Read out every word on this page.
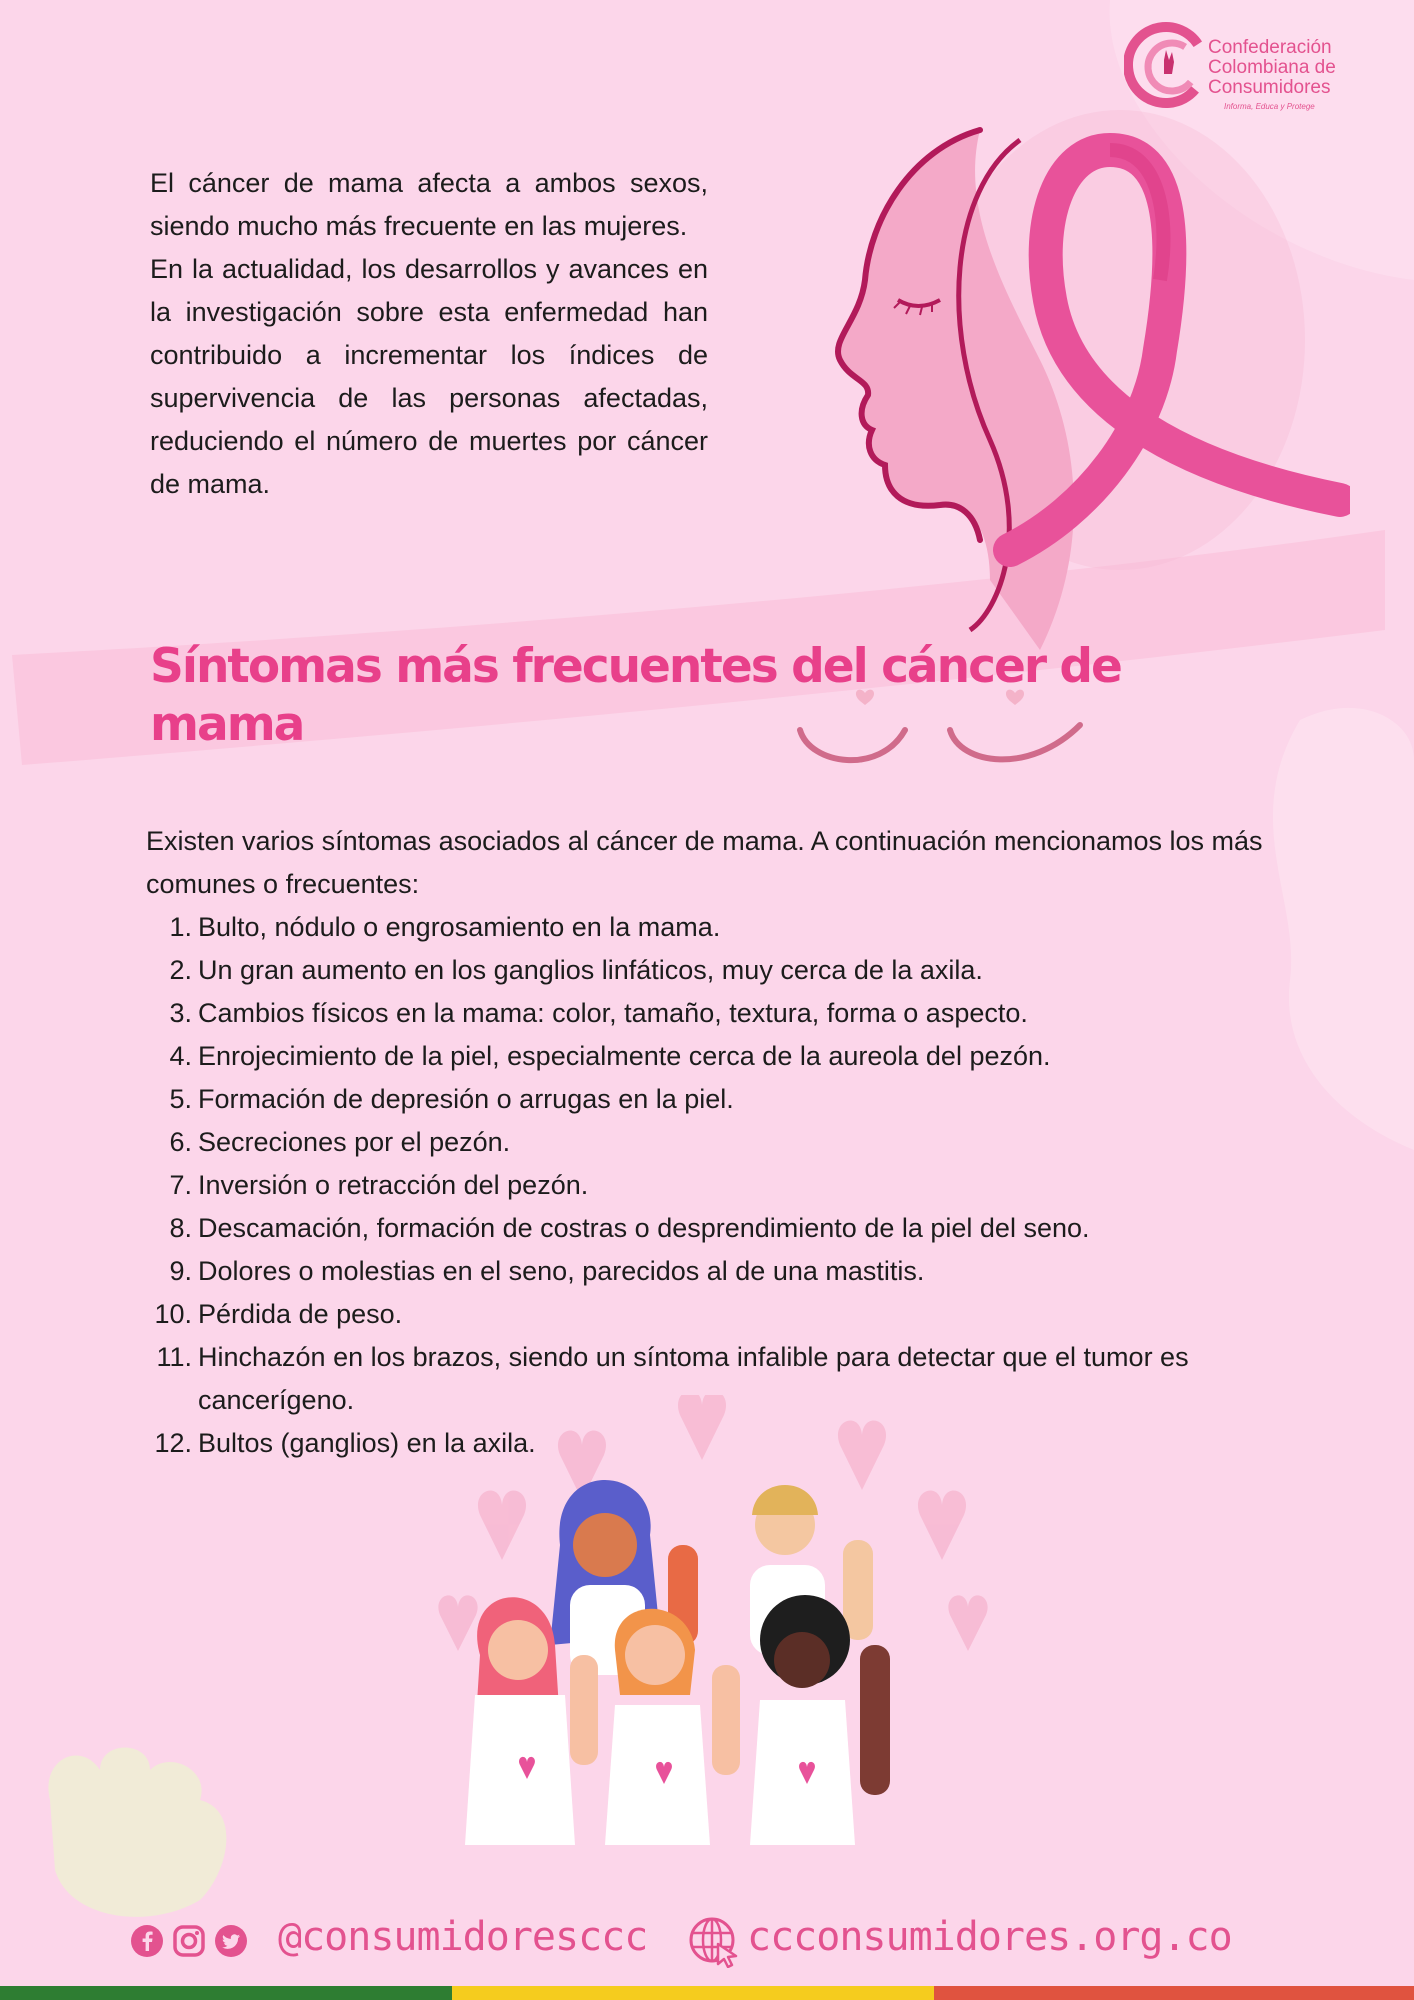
Confederación
Colombiana de
Consumidores
Informa, Educa y Protege

El cáncer de mama afecta a ambos sexos, siendo mucho más frecuente en las mujeres.

En la actualidad, los desarrollos y avances en la investigación sobre esta enfermedad han contribuido a incrementar los índices de supervivencia de las personas afectadas, reduciendo el número de muertes por cáncer de mama.

Síntomas más frecuentes del cáncer de mama

Existen varios síntomas asociados al cáncer de mama. A continuación mencionamos los más comunes o frecuentes:

1. Bulto, nódulo o engrosamiento en la mama.
2. Un gran aumento en los ganglios linfáticos, muy cerca de la axila.
3. Cambios físicos en la mama: color, tamaño, textura, forma o aspecto.
4. Enrojecimiento de la piel, especialmente cerca de la aureola del pezón.
5. Formación de depresión o arrugas en la piel.
6. Secreciones por el pezón.
7. Inversión o retracción del pezón.
8. Descamación, formación de costras o desprendimiento de la piel del seno.
9. Dolores o molestias en el seno, parecidos al de una mastitis.
10. Pérdida de peso.
11. Hinchazón en los brazos, siendo un síntoma infalible para detectar que el tumor es cancerígeno.
12. Bultos (ganglios) en la axila.
@consumidoresccc ccconsumidores.org.co
